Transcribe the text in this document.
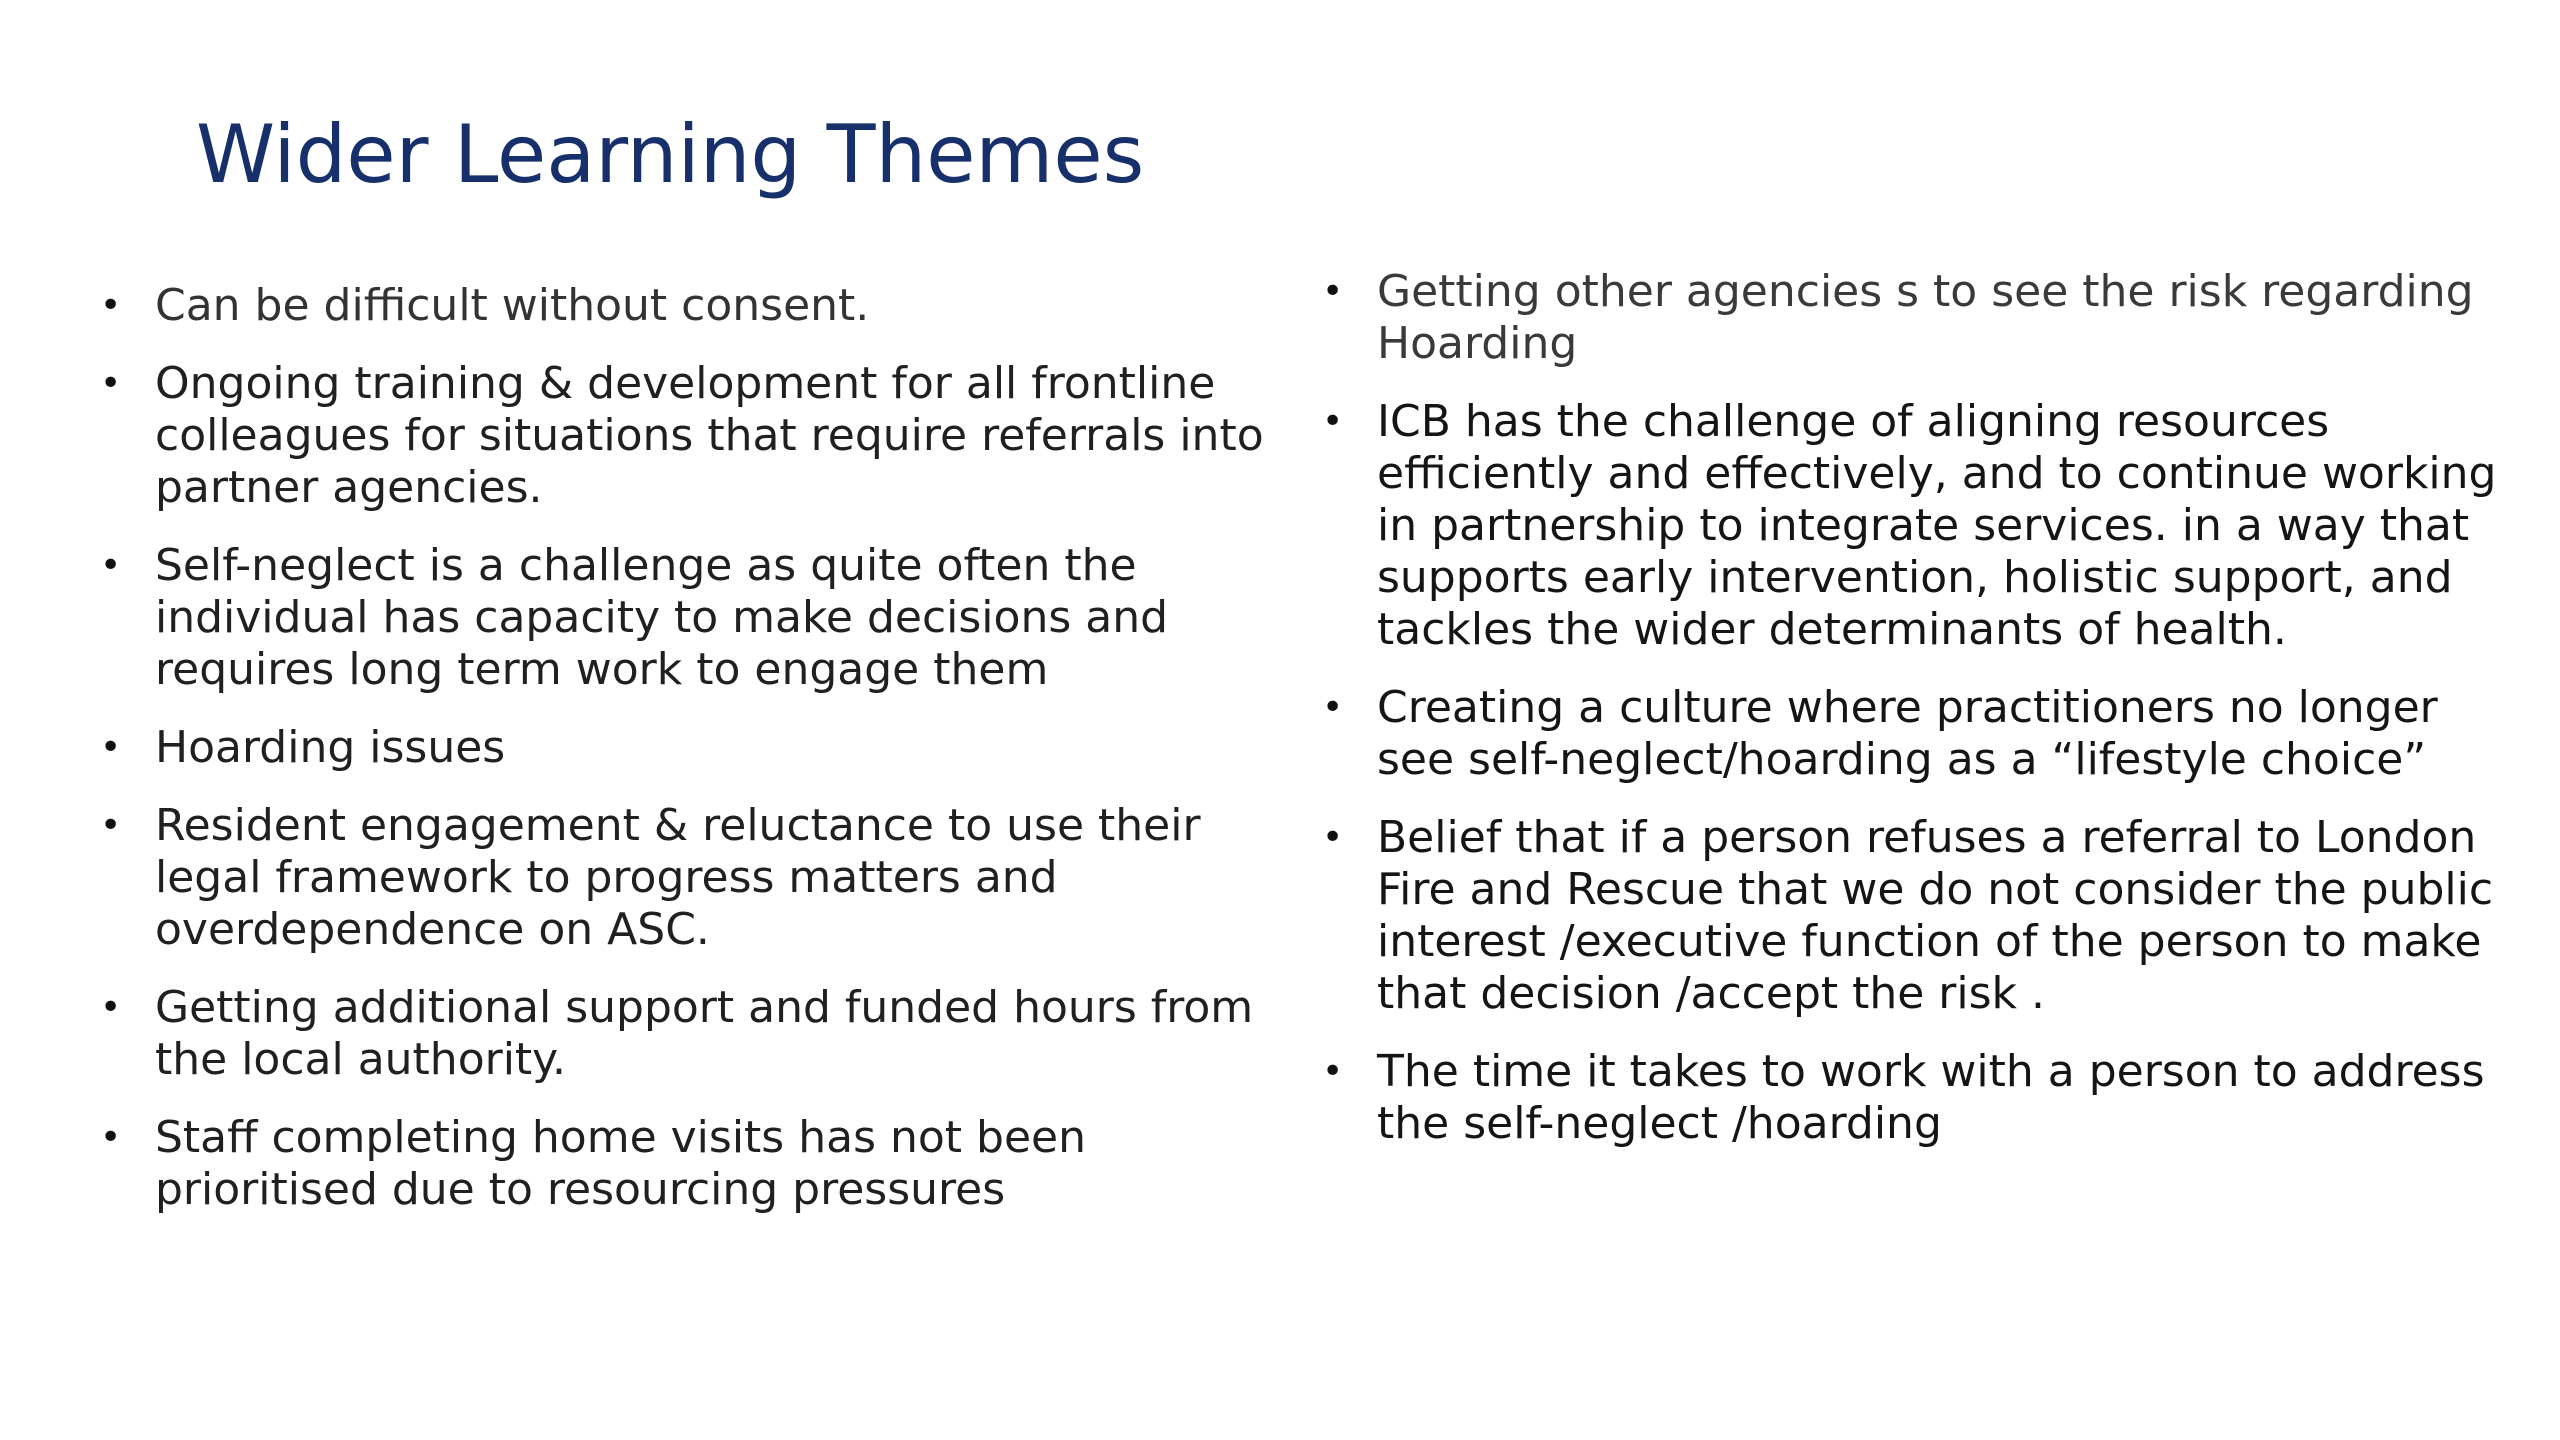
Wider Learning Themes
• Can be difficult without consent.
• Ongoing training & development for all frontline colleagues for situations that require referrals into partner agencies.
• Self-neglect is a challenge as quite often the individual has capacity to make decisions and requires long term work to engage them
• Hoarding issues
• Resident engagement & reluctance to use their legal framework to progress matters and overdependence on ASC.
• Getting additional support and funded hours from the local authority.
• Staff completing home visits has not been prioritised due to resourcing pressures
• Getting other agencies s to see the risk regarding Hoarding
• ICB has the challenge of aligning resources efficiently and effectively, and to continue working in partnership to integrate services. in a way that supports early intervention, holistic support, and tackles the wider determinants of health.
• Creating a culture where practitioners no longer see self-neglect/hoarding as a “lifestyle choice”
• Belief that if a person refuses a referral to London Fire and Rescue that we do not consider the public interest /executive function of the person to make that decision /accept the risk .
• The time it takes to work with a person to address the self-neglect /hoarding
